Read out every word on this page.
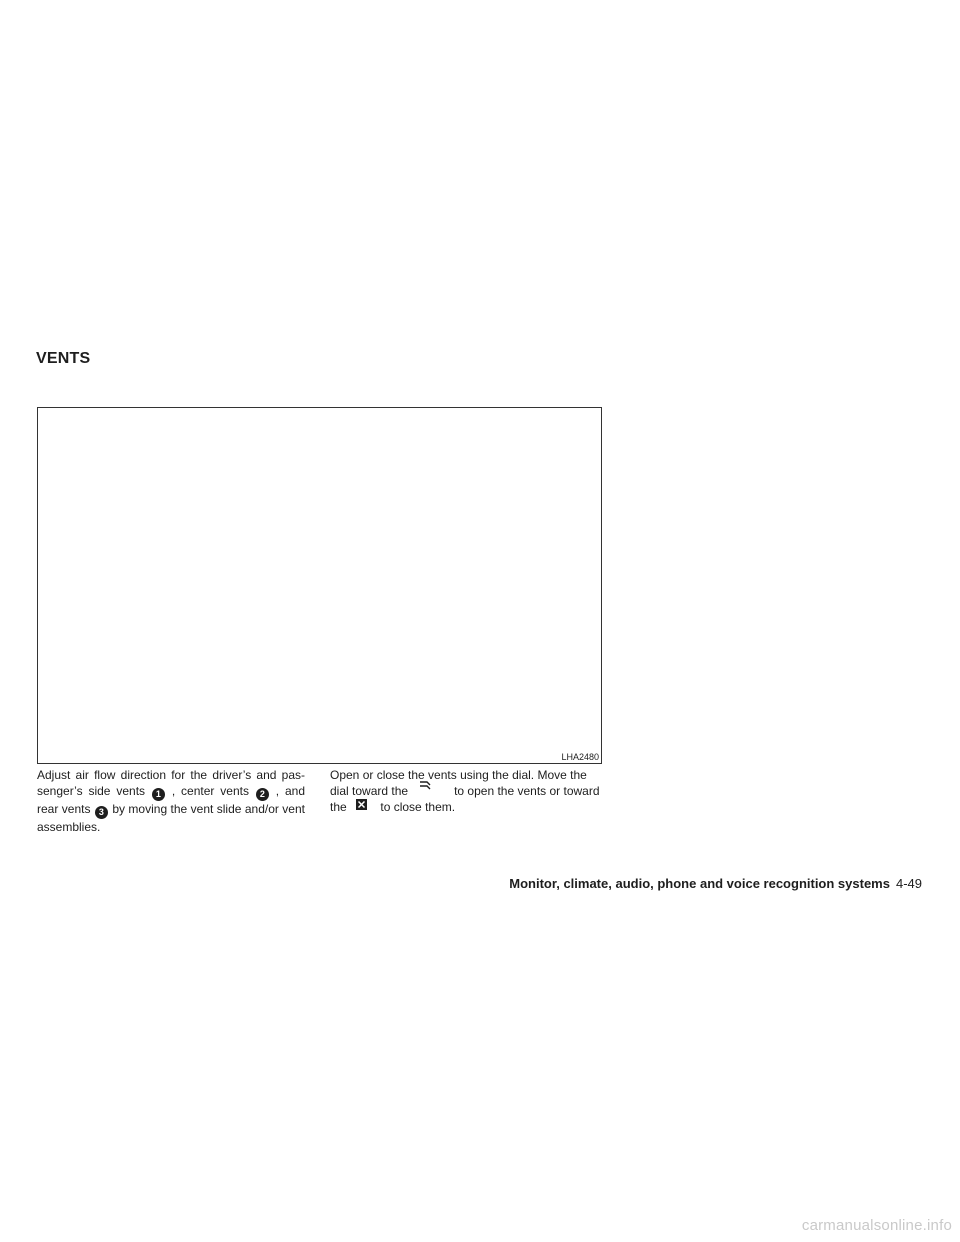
VENTS
LHA2480

Adjust air flow direction for the driver’s and pas-senger’s side vents 1 , center vents 2 , and rear vents 3 by moving the vent slide and/or vent assemblies.

Open or close the vents using the dial. Move the dial toward the	to open the vents or toward the	to close them.

Monitor, climate, audio, phone and voice recognition systems 4-49
carmanualsonline.info
